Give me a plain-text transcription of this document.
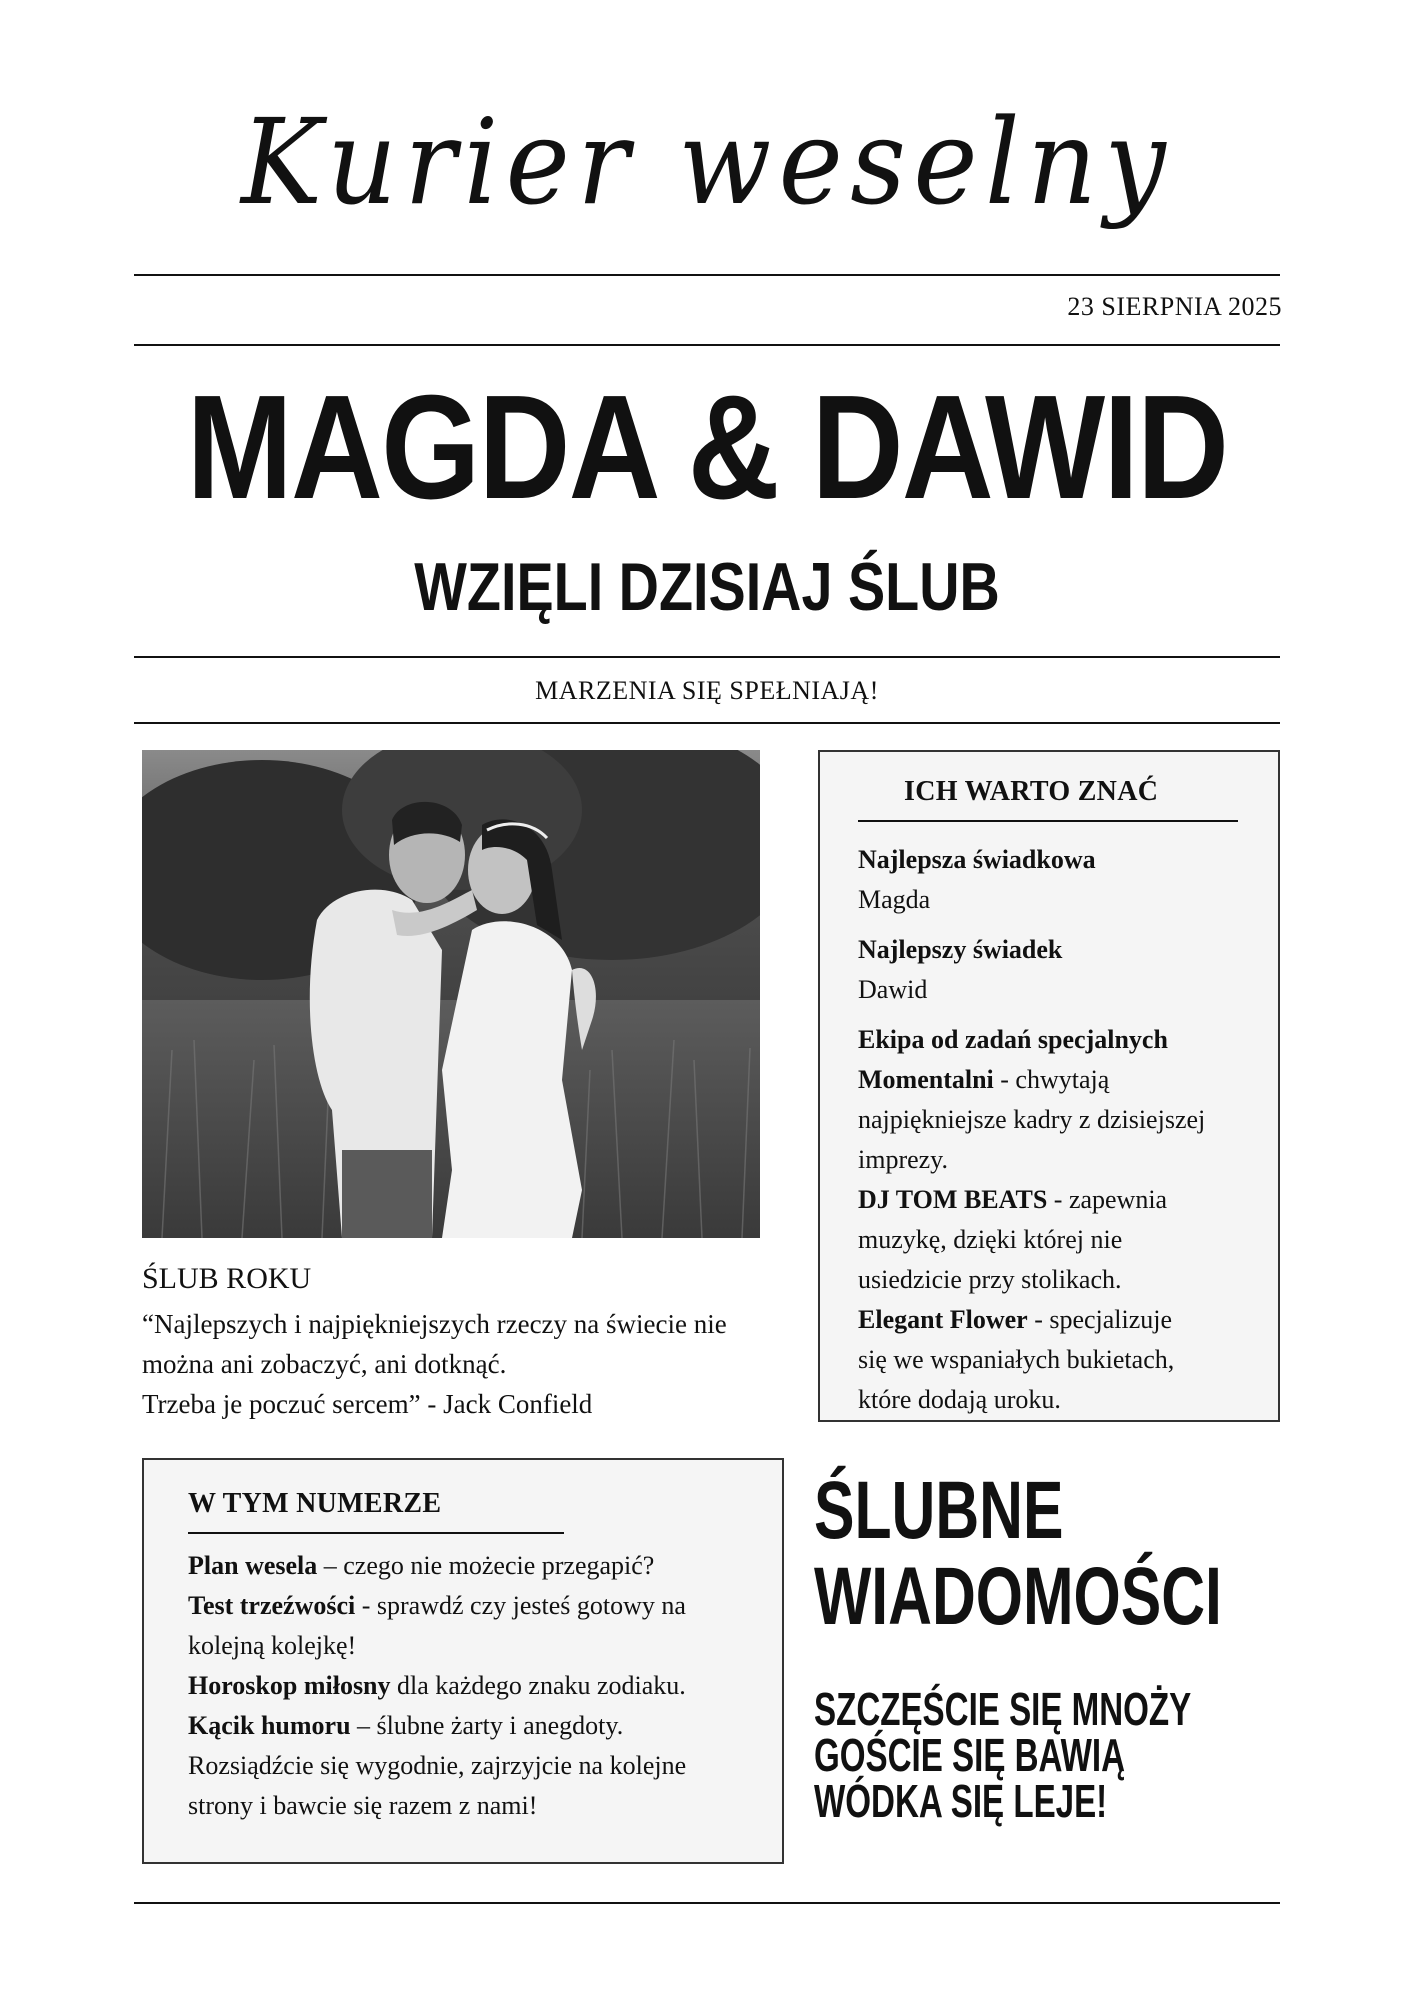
Kurier weselny
23 SIERPNIA 2025
MAGDA & DAWID
WZIĘLI DZISIAJ ŚLUB
MARZENIA SIĘ SPEŁNIAJĄ!
ŚLUB ROKU

“Najlepszych i najpiękniejszych rzeczy na świecie nie
można ani zobaczyć, ani dotknąć.
Trzeba je poczuć sercem” - Jack Confield

ICH WARTO ZNAĆ
Najlepsza świadkowa
Magda
Najlepszy świadek
Dawid
Ekipa od zadań specjalnych
Momentalni - chwytają
najpiękniejsze kadry z dzisiejszej
imprezy.
DJ TOM BEATS - zapewnia
muzykę, dzięki której nie
usiedzicie przy stolikach.
Elegant Flower - specjalizuje
się we wspaniałych bukietach,
które dodają uroku.
W TYM NUMERZE
Plan wesela – czego nie możecie przegapić?
Test trzeźwości - sprawdź czy jesteś gotowy na
kolejną kolejkę!
Horoskop miłosny dla każdego znaku zodiaku.
Kącik humoru – ślubne żarty i anegdoty.
Rozsiądźcie się wygodnie, zajrzyjcie na kolejne
strony i bawcie się razem z nami!
ŚLUBNE
WIADOMOŚCI
SZCZĘŚCIE SIĘ MNOŻY
GOŚCIE SIĘ BAWIĄ
WÓDKA SIĘ LEJE!
